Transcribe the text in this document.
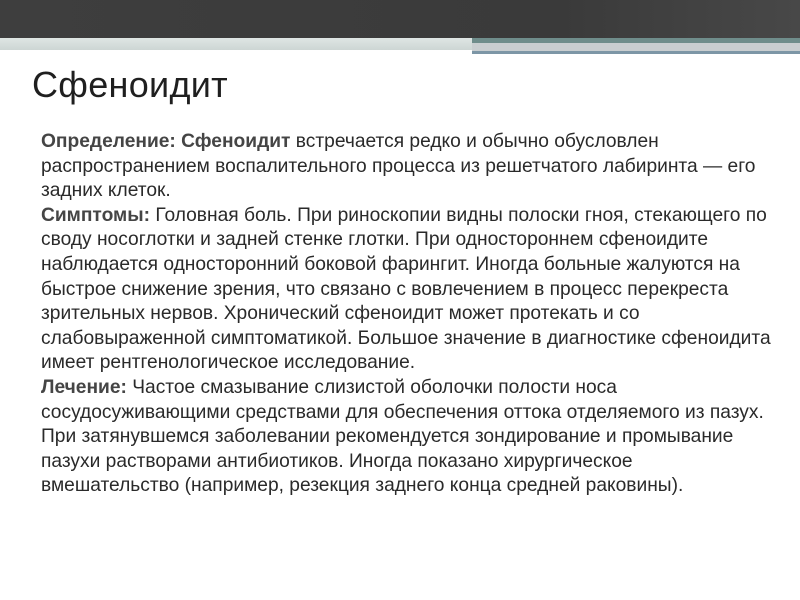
Сфеноидит

Определение: Сфеноидит встречается редко и обычно обусловлен распространением воспалительного процесса из решетчатого лабиринта — его задних клеток.

Симптомы: Головная боль. При риноскопии видны полоски гноя, стекающего по своду носоглотки и задней стенке глотки. При одностороннем сфеноидите наблюдается односторонний боковой фарингит. Иногда больные жалуются на быстрое снижение зрения, что связано с вовлечением в процесс перекреста зрительных нервов. Хронический сфеноидит может протекать и со слабовыраженной симптоматикой. Большое значение в диагностике сфеноидита имеет рентгенологическое исследование.

Лечение: Частое смазывание слизистой оболочки полости носа сосудосуживающими средствами для обеспечения оттока отделяемого из пазух. При затянувшемся заболевании рекомендуется зондирование и промывание пазухи растворами антибиотиков. Иногда показано хирургическое вмешательство (например, резекция заднего конца средней раковины).
